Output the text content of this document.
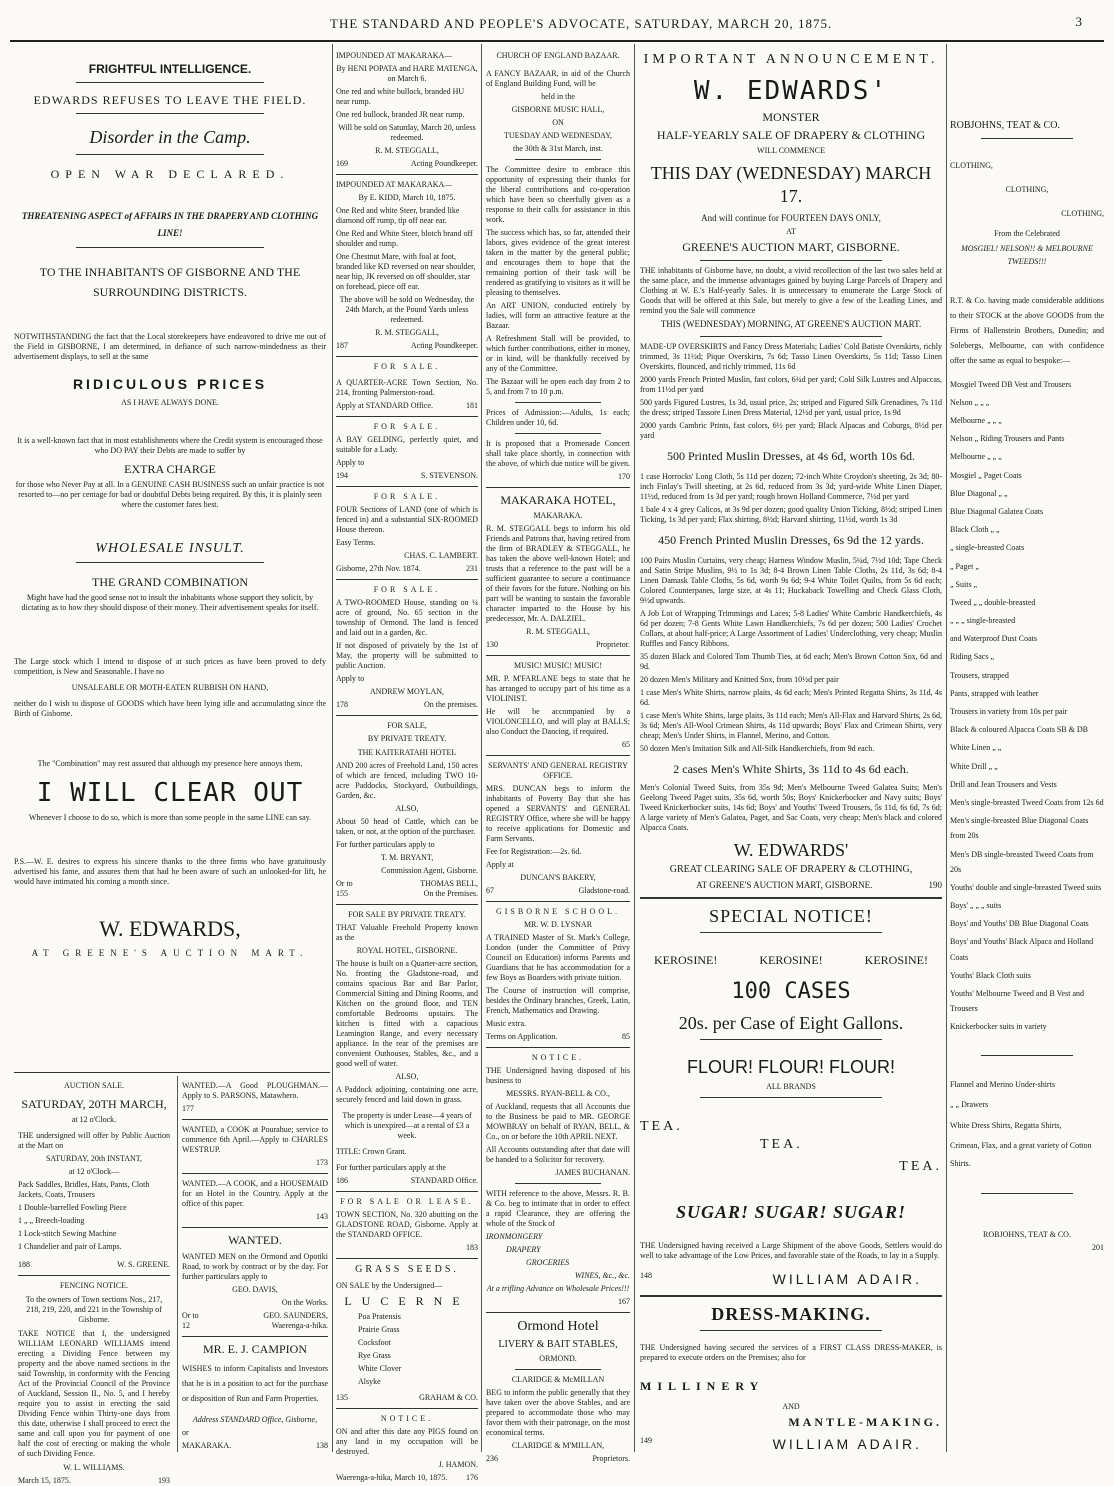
THE STANDARD AND PEOPLE'S ADVOCATE, SATURDAY, MARCH 20, 1875.	3

FRIGHTFUL INTELLIGENCE.

EDWARDS REFUSES TO LEAVE THE FIELD.

Disorder in the Camp.

OPEN WAR DECLARED.

THREATENING ASPECT of AFFAIRS IN THE DRAPERY AND CLOTHING LINE!

TO THE INHABITANTS OF GISBORNE AND THE SURROUNDING DISTRICTS.

NOTWITHSTANDING the fact that the Local storekeepers have endeavored to drive me out of the Field in GISBORNE, I am determined, in defiance of such narrow-mindedness as their advertisement displays, to sell at the same

RIDICULOUS PRICES

AS I HAVE ALWAYS DONE.

It is a well-known fact that in most establishments where the Credit system is encouraged those who DO PAY their Debts are made to suffer by

EXTRA CHARGE

for those who Never Pay at all. In a GENUINE CASH BUSINESS such an unfair practice is not resorted to—no per centage for bad or doubtful Debts being required. By this, it is plainly seen where the customer fares best.

WHOLESALE INSULT.

THE GRAND COMBINATION

Might have had the good sense not to insult the inhabitants whose support they solicit, by dictating as to how they should dispose of their money. Their advertisement speaks for itself.

The Large stock which I intend to dispose of at such prices as have been proved to defy competition, is New and Seasonable. I have no

UNSALEABLE OR MOTH-EATEN RUBBISH ON HAND,

neither do I wish to dispose of GOODS which have been lying idle and accumulating since the Birth of Gisborne.

The "Combination" may rest assured that although my presence here annoys them,

I WILL CLEAR OUT

Whenever I choose to do so, which is more than some people in the same LINE can say.

P.S.—W. E. desires to express his sincere thanks to the three firms who have gratuitously advertised his fame, and assures them that had he been aware of such an unlooked-for lift, he would have intimated his coming a month since.

W. EDWARDS,

AT GREENE'S AUCTION MART.

AUCTION SALE.

SATURDAY, 20TH MARCH,

at 12 o'Clock.

THE undersigned will offer by Public Auction at the Mart on

SATURDAY, 20th INSTANT,

at 12 o'Clock—

Pack Saddles, Bridles, Hats, Pants, Cloth Jackets, Coats, Trousers

1 Double-barrelled Fowling Piece

1 „ „ Breech-loading

1 Lock-stitch Sewing Machine

1 Chandelier and pair of Lamps.

188	W. S. GREENE.

FENCING NOTICE.

To the owners of Town sections Nos., 217, 218, 219, 220, and 221 in the Township of Gisborne.

TAKE NOTICE that I, the undersigned WILLIAM LEONARD WILLIAMS intend erecting a Dividing Fence between my property and the above named sections in the said Township, in conformity with the Fencing Act of the Provincial Council of the Province of Auckland, Session II., No. 5, and I hereby require you to assist in erecting the said Dividing Fence within Thirty-one days from this date, otherwise I shall proceed to erect the same and call upon you for payment of one half the cost of erecting or making the whole of such Dividing Fence.

W. L. WILLIAMS.

March 15, 1875.	193

WANTED.—A Good PLOUGHMAN.—Apply to S. PARSONS, Matawhero.

177

WANTED, a COOK at Pourahue; service to commence 6th April.—Apply to CHARLES WESTRUP.

173

WANTED.—A COOK, and a HOUSEMAID for an Hotel in the Country. Apply at the office of this paper.

143

WANTED.

WANTED MEN on the Ormond and Opotiki Road, to work by contract or by the day. For further particulars apply to

GEO. DAVIS,

On the Works.

Or to	GEO. SAUNDERS,
12	Waerenga-a-hika.

MR. E. J. CAMPION

WISHES to inform Capitalists and Investors that he is in a position to act for the purchase or disposition of Run and Farm Properties.

Address STANDARD Office, Gisborne,

or

MAKARAKA.	138

IMPOUNDED AT MAKARAKA—

By HENI POPATA and HARE MATENGA, on March 6.

One red and white bullock, branded HU near rump.

One red bullock, branded JR near rump.

Will be sold on Saturday, March 20, unless redeemed.

R. M. STEGGALL,

169	Acting Poundkeeper.

IMPOUNDED AT MAKARAKA—

By E. KIDD, March 10, 1875.

One Red and white Steer, branded like diamond off rump, tip off near ear.

One Red and White Steer, blotch brand off shoulder and rump.

One Chestnut Mare, with foal at foot, branded like KD reversed on near shoulder, near hip, JK reversed on off shoulder, star on forehead, piece off ear.

The above will be sold on Wednesday, the 24th March, at the Pound Yards unless redeemed.

R. M. STEGGALL,

187	Acting Poundkeeper.

FOR SALE.

A QUARTER-ACRE Town Section, No. 214, fronting Palmerston-road.

Apply at STANDARD Office.	181

FOR SALE.

A BAY GELDING, perfectly quiet, and suitable for a Lady.

Apply to

194	S. STEVENSON.

FOR SALE.

FOUR Sections of LAND (one of which is fenced in) and a substantial SIX-ROOMED House thereon.

Easy Terms.

CHAS. C. LAMBERT.

Gisborne, 27th Nov. 1874.	231

FOR SALE.

A TWO-ROOMED House, standing on ¼ acre of ground, No. 65 section in the township of Ormond. The land is fenced and laid out in a garden, &c.

If not disposed of privately by the 1st of May, the property will be submitted to public Auction.

Apply to

ANDREW MOYLAN,

178	On the premises.

FOR SALE,

BY PRIVATE TREATY.

THE KAITERATAHI HOTEL

AND 200 acres of Freehold Land, 150 acres of which are fenced, including TWO 10-acre Paddocks, Stockyard, Outbuildings, Garden, &c.

ALSO,

About 50 head of Cattle, which can be taken, or not, at the option of the purchaser.

For further particulars apply to

T. M. BRYANT,

Commission Agent, Gisborne.

Or to	THOMAS BELL,
155	On the Premises.

FOR SALE BY PRIVATE TREATY.

THAT Valuable Freehold Property known as the

ROYAL HOTEL, GISBORNE.

The house is built on a Quarter-acre section, No. fronting the Gladstone-road, and contains spacious Bar and Bar Parlor, Commercial Sitting and Dining Rooms, and Kitchen on the ground floor, and TEN comfortable Bedrooms upstairs. The kitchen is fitted with a capacious Leamington Range, and every necessary appliance. In the rear of the premises are convenient Outhouses, Stables, &c., and a good well of water.

ALSO,

A Paddock adjoining, containing one acre, securely fenced and laid down in grass.

The property is under Lease—4 years of which is unexpired—at a rental of £3 a week.

TITLE: Crown Grant.

For further particulars apply at the

186	STANDARD Office.

FOR SALE OR LEASE.

TOWN SECTION, No. 320 abutting on the GLADSTONE ROAD, Gisborne. Apply at the STANDARD OFFICE.

183

GRASS SEEDS.

ON SALE by the Undersigned—

LUCERNE

Poa Pratensis

Prairie Grass

Cocksfoot

Rye Grass

White Clover

Alsyke

135	GRAHAM & CO.

NOTICE.

ON and after this date any PIGS found on any land in my occupation will be destroyed.

J. HAMON.

Waerenga-a-hika, March 10, 1875. 176

CHURCH OF ENGLAND BAZAAR.

A FANCY BAZAAR, in aid of the Church of England Building Fund, will be

held in the

GISBORNE MUSIC HALL,

ON

TUESDAY AND WEDNESDAY,

the 30th & 31st March, inst.

The Committee desire to embrace this opportunity of expressing their thanks for the liberal contributions and co-operation which have been so cheerfully given as a response to their calls for assistance in this work.

The success which has, so far, attended their labors, gives evidence of the great interest taken in the matter by the general public; and encourages them to hope that the remaining portion of their task will be rendered as gratifying to visitors as it will be pleasing to themselves.

An ART UNION, conducted entirely by ladies, will form an attractive feature at the Bazaar.

A Refreshment Stall will be provided, to which further contributions, either in money, or in kind, will be thankfully received by any of the Committee.

The Bazaar will be open each day from 2 to 5, and from 7 to 10 p.m.

Prices of Admission:—Adults, 1s each; Children under 10, 6d.

It is proposed that a Promenade Concert shall take place shortly, in connection with the above, of which due notice will be given.

170

MAKARAKA HOTEL,

MAKARAKA.

R. M. STEGGALL begs to inform his old Friends and Patrons that, having retired from the firm of BRADLEY & STEGGALL, he has taken the above well-known Hotel; and trusts that a reference to the past will be a sufficient guarantee to secure a continuance of their favors for the future. Nothing on his part will be wanting to sustain the favorable character imparted to the House by his predecessor, Mr. A. DALZIEL.

R. M. STEGGALL,

130	Proprietor.

MUSIC! MUSIC! MUSIC!

MR. P. M'FARLANE begs to state that he has arranged to occupy part of his time as a VIOLINIST.

He will be accompanied by a VIOLONCELLO, and will play at BALLS; also Conduct the Dancing, if required.

65

SERVANTS' AND GENERAL REGISTRY OFFICE.

MRS. DUNCAN begs to inform the inhabitants of Poverty Bay that she has opened a SERVANTS' and GENERAL REGISTRY Office, where she will be happy to receive applications for Domestic and Farm Servants.

Fee for Registration:—2s. 6d.

Apply at

DUNCAN'S BAKERY,

67	Gladstone-road.

GISBORNE SCHOOL.

MR. W. D. LYSNAR

A TRAINED Master of St. Mark's College, London (under the Committee of Privy Council on Education) informs Parents and Guardians that he has accommodation for a few Boys as Boarders with private tuition.

The Course of instruction will comprise, besides the Ordinary branches, Greek, Latin, French, Mathematics and Drawing.

Music extra.

Terms on Application.	85

NOTICE.

THE Undersigned having disposed of his business to

MESSRS. RYAN-BELL & CO.,

of Auckland, requests that all Accounts due to the Business be paid to MR. GEORGE MOWBRAY on behalf of RYAN, BELL, & Co., on or before the 10th APRIL NEXT.

All Accounts outstanding after that date will be handed to a Solicitor for recovery.

JAMES BUCHANAN.

WITH reference to the above, Messrs. R. B. & Co. beg to intimate that in order to effect a rapid Clearance, they are offering the whole of the Stock of

IRONMONGERY

DRAPERY

GROCERIES

WINES, &c., &c.

At a trifling Advance on Wholesale Prices!!!

167

Ormond Hotel

LIVERY & BAIT STABLES,

ORMOND.

CLARIDGE & McMILLAN

BEG to inform the public generally that they have taken over the above Stables, and are prepared to accommodate those who may favor them with their patronage, on the most economical terms.

CLARIDGE & M'MILLAN,

236	Proprietors.

IMPORTANT ANNOUNCEMENT.

W. EDWARDS'

MONSTER

HALF-YEARLY SALE OF DRAPERY & CLOTHING

WILL COMMENCE

THIS DAY (WEDNESDAY) MARCH 17.

And will continue for FOURTEEN DAYS ONLY,

AT

GREENE'S AUCTION MART, GISBORNE.

THE inhabitants of Gisborne have, no doubt, a vivid recollection of the last two sales held at the same place, and the immense advantages gained by buying Large Parcels of Drapery and Clothing at W. E.'s Half-yearly Sales. It is unnecessary to enumerate the Large Stock of Goods that will be offered at this Sale, but merely to give a few of the Leading Lines, and remind you the Sale will commence

THIS (WEDNESDAY) MORNING, AT GREENE'S AUCTION MART.

MADE-UP OVERSKIRTS and Fancy Dress Materials; Ladies' Cold Batiste Overskirts, richly trimmed, 3s 11½d; Pique Overskirts, 7s 6d; Tasso Linen Overskirts, 5s 11d; Tasso Linen Overskirts, flounced, and richly trimmed, 11s 6d

2000 yards French Printed Muslin, fast colors, 6¾d per yard; Cold Silk Lustres and Alpaccas, from 11½d per yard

500 yards Figured Lustres, 1s 3d, usual price, 2s; striped and Figured Silk Grenadines, 7s 11d the dress; striped Tassore Linen Dress Material, 12½d per yard, usual price, 1s 9d

2000 yards Cambric Prints, fast colors, 6½ per yard; Black Alpacas and Coburgs, 8½d per yard

500 Printed Muslin Dresses, at 4s 6d, worth 10s 6d.

1 case Horrocks' Long Cloth, 5s 11d per dozen; 72-inch White Croydon's sheeting, 2s 3d; 80-inch Finlay's Twill sheeting, at 2s 6d, reduced from 3s 3d; yard-wide White Linen Diaper, 11½d, reduced from 1s 3d per yard; rough brown Holland Commerce, 7½d per yard

1 bale 4 x 4 grey Calicos, at 3s 9d per dozen; good quality Union Ticking, 8½d; striped Linen Ticking, 1s 3d per yard; Flax shirting, 8½d; Harvard shirting, 11½d, worth 1s 3d

450 French Printed Muslin Dresses, 6s 9d the 12 yards.

100 Pairs Muslin Curtains, very cheap; Harness Window Muslin, 5¼d, 7½d 10d; Tape Check and Satin Stripe Muslins, 9½ to 1s 3d; 8-4 Brown Linen Table Cloths, 2s 11d, 3s 6d; 8-4 Linen Damask Table Cloths, 5s 6d, worth 9s 6d; 9-4 White Toilet Quilts, from 5s 6d each; Colored Counterpanes, large size, at 4s 11; Huckaback Towelling and Check Glass Cloth, 9½d upwards.

A Job Lot of Wrapping Trimmings and Laces; 5-8 Ladies' White Cambric Handkerchiefs, 4s 6d per dozen; 7-8 Gents White Lawn Handkerchiefs, 7s 6d per dozen; 500 Ladies' Crochet Collars, at about half-price; A Large Assortment of Ladies' Underclothing, very cheap; Muslin Ruffles and Fancy Ribbons.

35 dozen Black and Colored Tom Thumb Ties, at 6d each; Men's Brown Cotton Sox, 6d and 9d.

20 dozen Men's Military and Knitted Sox, from 10½d per pair

1 case Men's White Shirts, narrow plaits, 4s 6d each; Men's Printed Regatta Shirts, 3s 11d, 4s 6d.

1 case Men's White Shirts, large plaits, 3s 11d each; Men's All-Flax and Harvard Shirts, 2s 6d, 3s 6d; Men's All-Wool Crimean Shirts, 4s 11d upwards; Boys' Flax and Crimean Shirts, very cheap; Men's Under Shirts, in Flannel, Merino, and Cotton.

50 dozen Men's Imitation Silk and All-Silk Handkerchiefs, from 9d each.

2 cases Men's White Shirts, 3s 11d to 4s 6d each.

Men's Colonial Tweed Suits, from 35s 9d; Men's Melbourne Tweed Galatea Suits; Men's Geelong Tweed Paget suits, 35s 6d, worth 50s; Boys' Knickerbocker and Navy suits; Boys' Tweed Knickerbocker suits, 14s 6d; Boys' and Youths' Tweed Trousers, 5s 11d, 6s 6d, 7s 6d; A large variety of Men's Galatea, Paget, and Sac Coats, very cheap; Men's black and colored Alpacca Coats.

W. EDWARDS'

GREAT CLEARING SALE OF DRAPERY & CLOTHING,

AT GREENE'S AUCTION MART, GISBORNE.	190

SPECIAL NOTICE!

KEROSINE!	KEROSINE!	KEROSINE!

100 CASES

20s. per Case of Eight Gallons.

FLOUR! FLOUR! FLOUR!

ALL BRANDS

TEA.
TEA.
TEA.

SUGAR! SUGAR! SUGAR!

THE Undersigned having received a Large Shipment of the above Goods, Settlers would do well to take advantage of the Low Prices, and favorable state of the Roads, to lay in a Supply.

148	WILLIAM ADAIR.

DRESS-MAKING.

THE Undersigned having secured the services of a FIRST CLASS DRESS-MAKER, is prepared to execute orders on the Premises; also for

MILLINERY

AND

MANTLE-MAKING.

149	WILLIAM ADAIR.

ROBJOHNS, TEAT & CO.

CLOTHING,

CLOTHING,

CLOTHING,

From the Celebrated

MOSGIEL! NELSON!! & MELBOURNE TWEEDS!!!

R.T. & Co. having made considerable additions to their STOCK at the above GOODS from the Firms of Hallenstein Brothers, Dunedin; and Solebergs, Melbourne, can with confidence offer the same as equal to bespoke:—

Mosgiel Tweed DB Vest and Trousers

Nelson „ „ „

Melbourne „ „ „

Nelson „ Riding Trousers and Pants

Melbourne „ „ „

Mosgiel „ Paget Coats

Blue Diagonal „ „

Blue Diagonal Galatea Coats

Black Cloth „ „

„ single-breasted Coats

„ Paget „

„ Suits „

Tweed „ „ double-breasted

„ „ „ single-breasted

and Waterproof Dust Coats

Riding Sacs „

Trousers, strapped

Pants, strapped with leather

Trousers in variety from 10s per pair

Black & coloured Alpacca Coats SB & DB

White Linen „ „

White Drill „ „

Drill and Jean Trousers and Vests

Men's single-breasted Tweed Coats from 12s 6d

Men's single-breasted Blue Diagonal Coats from 20s

Men's DB single-breasted Tweed Coats from 20s

Youths' double and single-breasted Tweed suits

Boys' „ „ „ suits

Boys' and Youths' DB Blue Diagonal Coats

Boys' and Youths' Black Alpaca and Holland Coats

Youths' Black Cloth suits

Youths' Melbourne Tweed and B Vest and Trousers

Knickerbocker suits in variety

Flannel and Merino Under-shirts

„ „ Drawers

White Dress Shirts, Regatta Shirts,

Crimean, Flax, and a great variety of Cotton Shirts.

ROBJOHNS, TEAT & CO.

201
